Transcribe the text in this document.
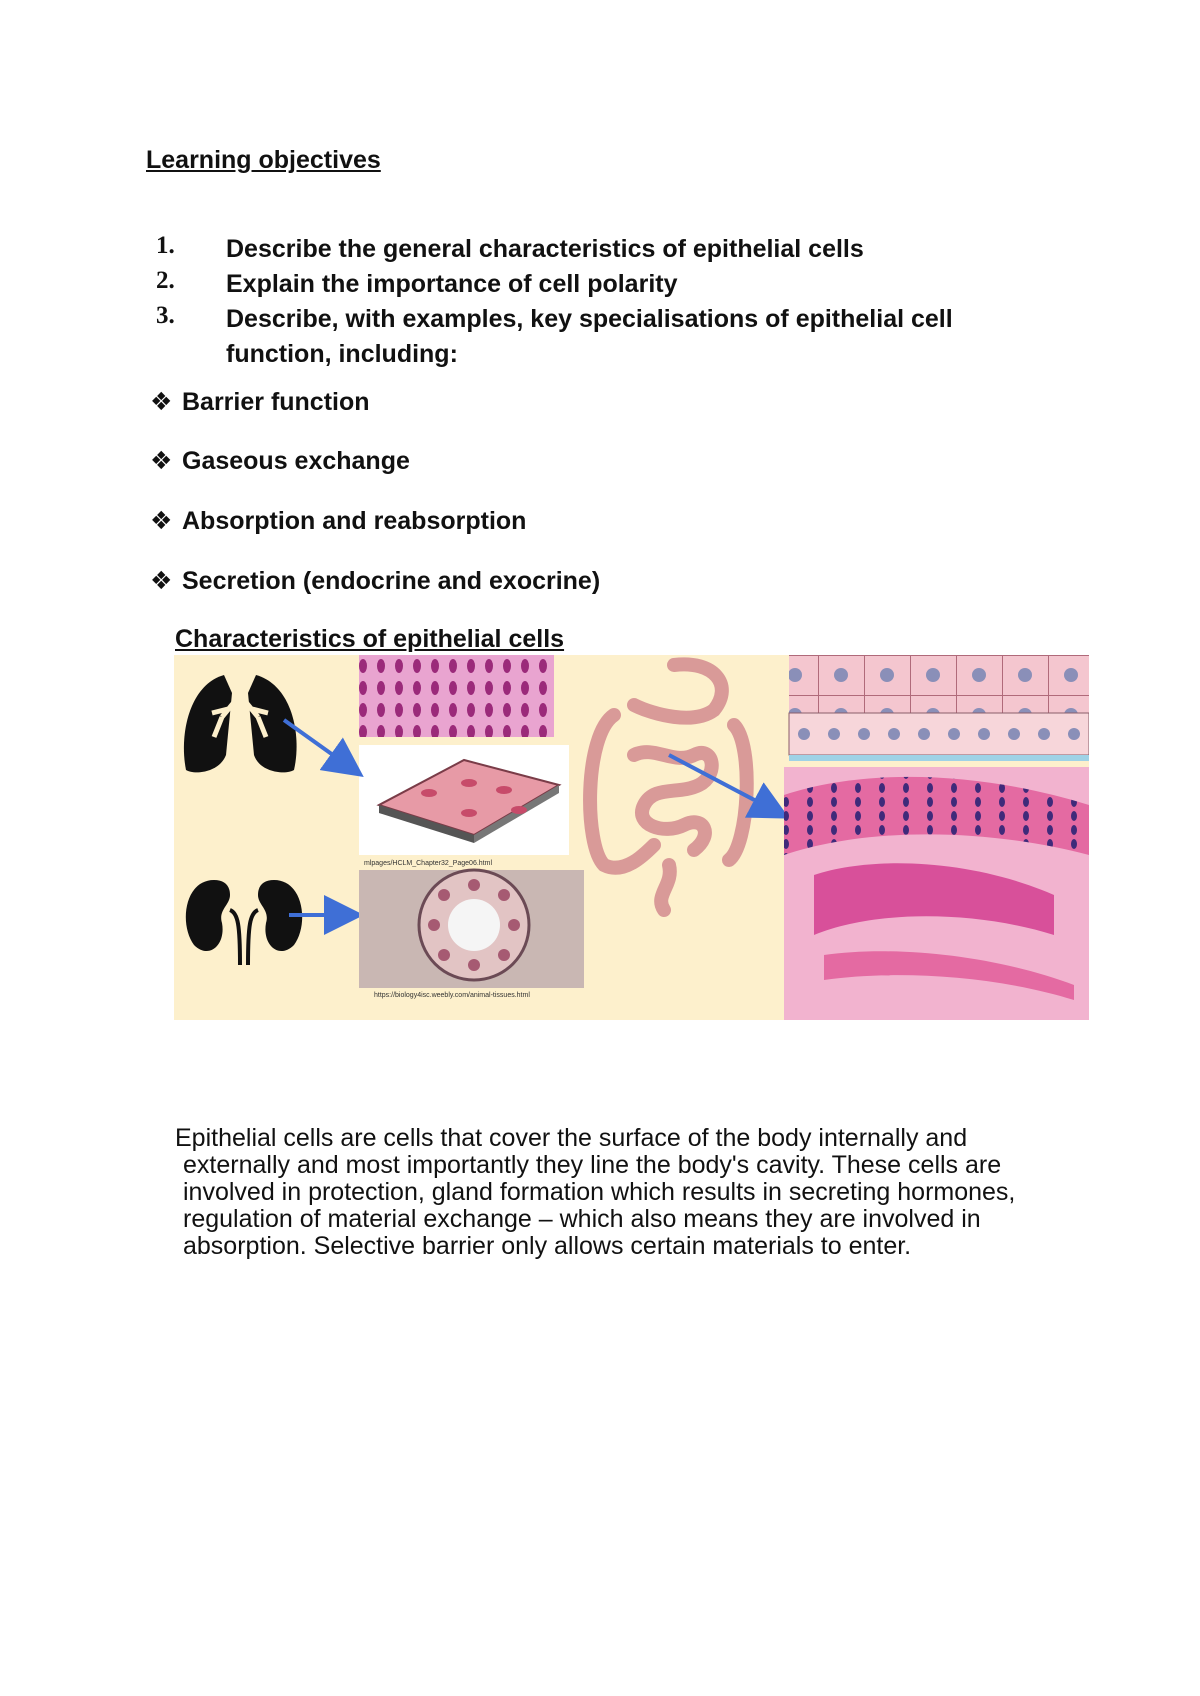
Learning objectives
1. Describe the general characteristics of epithelial cells
2. Explain the importance of cell polarity
3. Describe, with examples, key specialisations of epithelial cell
function, including:
❖ Barrier function
❖ Gaseous exchange
❖ Absorption and reabsorption
❖ Secretion (endocrine and exocrine)
Characteristics of epithelial cells
mlpages/HCLM_Chapter32_Page06.html
https://biology4isc.weebly.com/animal-tissues.html

Epithelial cells are cells that cover the surface of the body internally and

externally and most importantly they line the body's cavity. These cells are

involved in protection, gland formation which results in secreting hormones,

regulation of material exchange – which also means they are involved in

absorption. Selective barrier only allows certain materials to enter.
